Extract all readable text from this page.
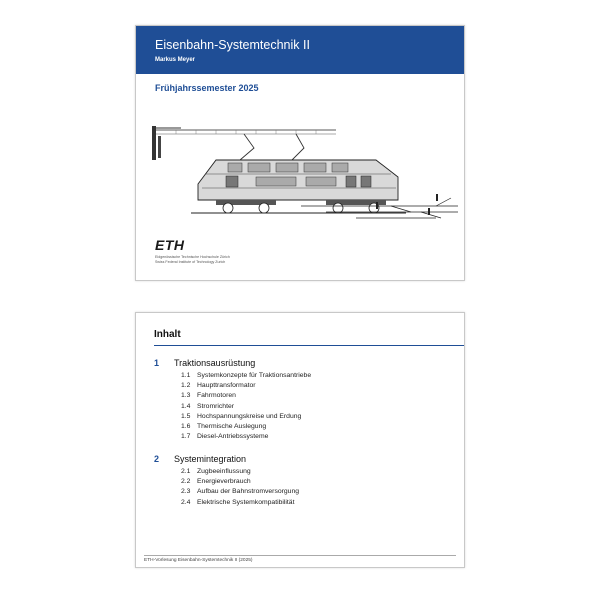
Eisenbahn-Systemtechnik II
Markus Meyer
Frühjahrssemester 2025
ETH
Eidgenössische Technische Hochschule Zürich
Swiss Federal Institute of Technology Zurich
Inhalt
1 Traktionsausrüstung
1.1 Systemkonzepte für Traktionsantriebe
1.2 Haupttransformator
1.3 Fahrmotoren
1.4 Stromrichter
1.5 Hochspannungskreise und Erdung
1.6 Thermische Auslegung
1.7 Diesel-Antriebssysteme
2 Systemintegration
2.1 Zugbeeinflussung
2.2 Energieverbrauch
2.3 Aufbau der Bahnstromversorgung
2.4 Elektrische Systemkompatibilität
ETH-Vorlesung Eisenbahn-Systemtechnik II (2025)
